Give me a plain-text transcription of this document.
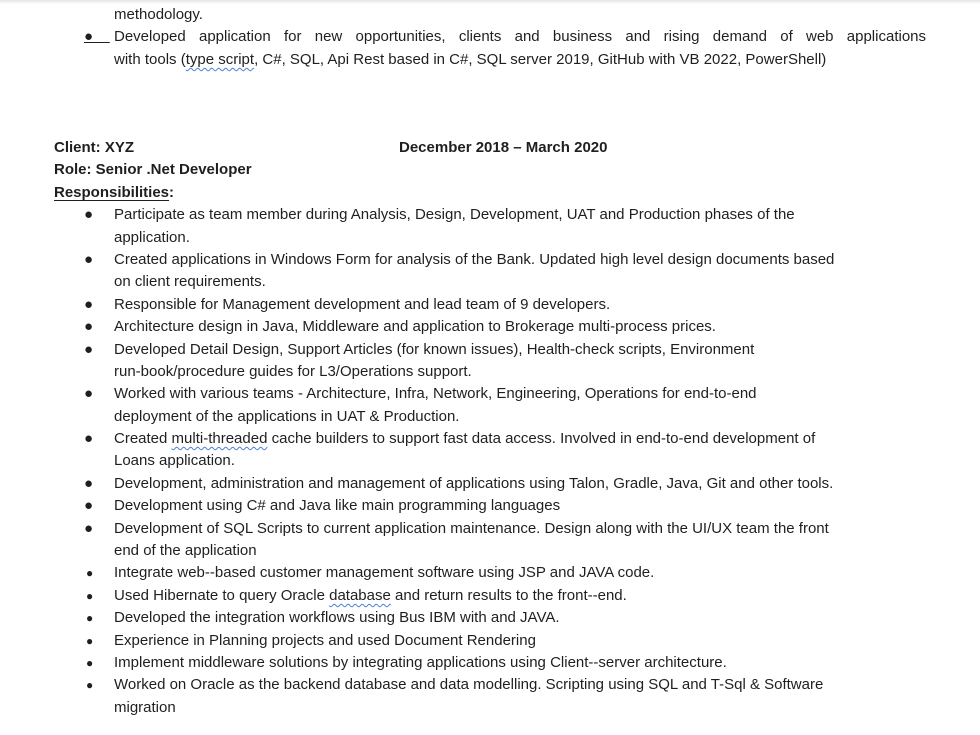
methodology.
● Developed application for new opportunities, clients and business and rising demand of web applications
with tools (type script, C#, SQL, Api Rest based in C#, SQL server 2019, GitHub with VB 2022, PowerShell)
Client: XYZ	December 2018 – March 2020
Role: Senior .Net Developer
Responsibilities:
● Participate as team member during Analysis, Design, Development, UAT and Production phases of the
application.
● Created applications in Windows Form for analysis of the Bank. Updated high level design documents based
on client requirements.
● Responsible for Management development and lead team of 9 developers.
● Architecture design in Java, Middleware and application to Brokerage multi-process prices.
● Developed Detail Design, Support Articles (for known issues), Health-check scripts, Environment
run-book/procedure guides for L3/Operations support.
● Worked with various teams - Architecture, Infra, Network, Engineering, Operations for end-to-end
deployment of the applications in UAT & Production.
● Created multi-threaded cache builders to support fast data access. Involved in end-to-end development of
Loans application.
● Development, administration and management of applications using Talon, Gradle, Java, Git and other tools.
● Development using C# and Java like main programming languages
● Development of SQL Scripts to current application maintenance. Design along with the UI/UX team the front
end of the application
● Integrate web--based customer management software using JSP and JAVA code.
● Used Hibernate to query Oracle database and return results to the front--end.
● Developed the integration workflows using Bus IBM with and JAVA.
● Experience in Planning projects and used Document Rendering
● Implement middleware solutions by integrating applications using Client--server architecture.
● Worked on Oracle as the backend database and data modelling. Scripting using SQL and T-Sql & Software
migration
